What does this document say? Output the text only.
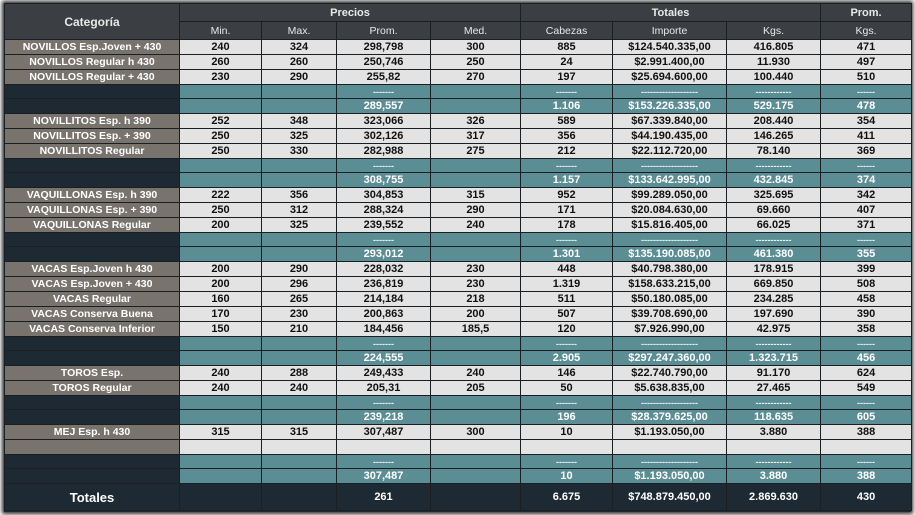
Categoría	Precios				Totales			Prom.
	Min.	Max.	Prom.	Med.	Cabezas	Importe	Kgs.	Kgs.
NOVILLOS Esp.Joven + 430	240	324	298,798	300	885	$124.540.335,00	416.805	471
NOVILLOS Regular h 430	260	260	250,746	250	24	$2.991.400,00	11.930	497
NOVILLOS Regular + 430	230	290	255,82	270	197	$25.694.600,00	100.440	510
			-------		-------	-------------------	------------	------
			289,557		1.106	$153.226.335,00	529.175	478
NOVILLITOS Esp. h 390	252	348	323,066	326	589	$67.339.840,00	208.440	354
NOVILLITOS Esp. + 390	250	325	302,126	317	356	$44.190.435,00	146.265	411
NOVILLITOS Regular	250	330	282,988	275	212	$22.112.720,00	78.140	369
			-------		-------	-------------------	------------	------
			308,755		1.157	$133.642.995,00	432.845	374
VAQUILLONAS Esp. h 390	222	356	304,853	315	952	$99.289.050,00	325.695	342
VAQUILLONAS Esp. + 390	250	312	288,324	290	171	$20.084.630,00	69.660	407
VAQUILLONAS Regular	200	325	239,552	240	178	$15.816.405,00	66.025	371
			-------		-------	-------------------	------------	------
			293,012		1.301	$135.190.085,00	461.380	355
VACAS Esp.Joven h 430	200	290	228,032	230	448	$40.798.380,00	178.915	399
VACAS Esp.Joven + 430	200	296	236,819	230	1.319	$158.633.215,00	669.850	508
VACAS Regular	160	265	214,184	218	511	$50.180.085,00	234.285	458
VACAS Conserva Buena	170	230	200,863	200	507	$39.708.690,00	197.690	390
VACAS Conserva Inferior	150	210	184,456	185,5	120	$7.926.990,00	42.975	358
			-------		-------	-------------------	------------	------
			224,555		2.905	$297.247.360,00	1.323.715	456
TOROS Esp.	240	288	249,433	240	146	$22.740.790,00	91.170	624
TOROS Regular	240	240	205,31	205	50	$5.638.835,00	27.465	549
			-------		-------	-------------------	------------	------
			239,218		196	$28.379.625,00	118.635	605
MEJ Esp. h 430	315	315	307,487	300	10	$1.193.050,00	3.880	388

			-------		-------	-------------------	------------	------
			307,487		10	$1.193.050,00	3.880	388
Totales			261		6.675	$748.879.450,00	2.869.630	430
